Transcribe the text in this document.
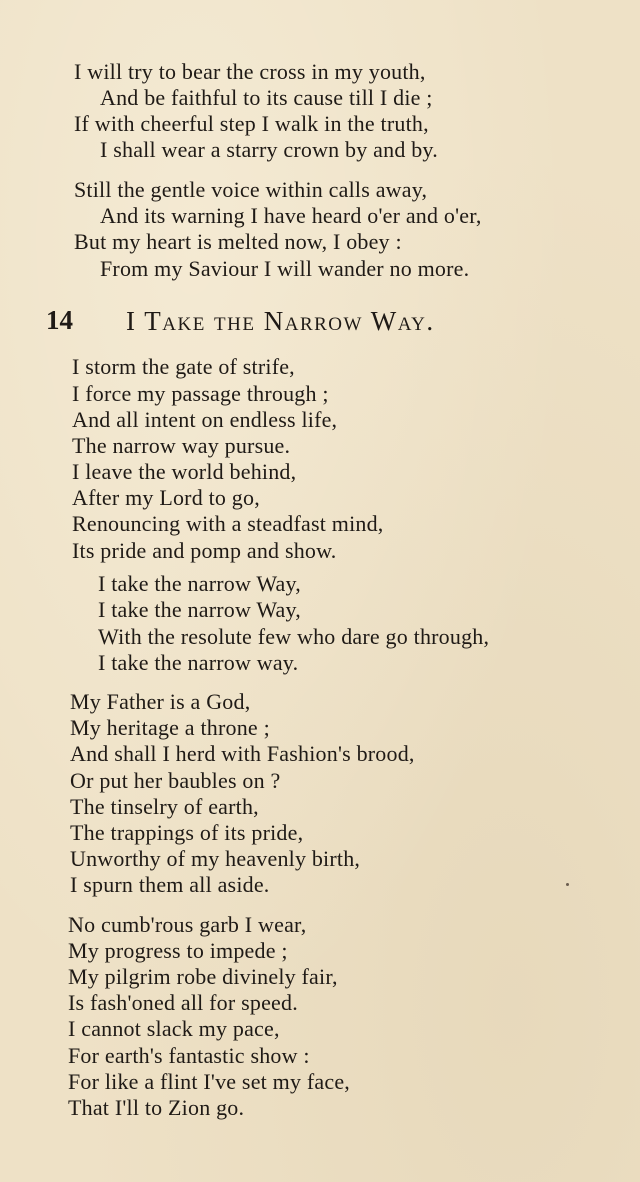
I will try to bear the cross in my youth,
And be faithful to its cause till I die ;
If with cheerful step I walk in the truth,
I shall wear a starry crown by and by.
Still the gentle voice within calls away,
And its warning I have heard o'er and o'er,
But my heart is melted now, I obey :
From my Saviour I will wander no more.
14 I Take the Narrow Way.
I storm the gate of strife,
I force my passage through ;
And all intent on endless life,
The narrow way pursue.
I leave the world behind,
After my Lord to go,
Renouncing with a steadfast mind,
Its pride and pomp and show.
I take the narrow Way,
I take the narrow Way,
With the resolute few who dare go through,
I take the narrow way.
My Father is a God,
My heritage a throne ;
And shall I herd with Fashion's brood,
Or put her baubles on ?
The tinselry of earth,
The trappings of its pride,
Unworthy of my heavenly birth,
I spurn them all aside.
No cumb'rous garb I wear,
My progress to impede ;
My pilgrim robe divinely fair,
Is fash'oned all for speed.
I cannot slack my pace,
For earth's fantastic show :
For like a flint I've set my face,
That I'll to Zion go.
